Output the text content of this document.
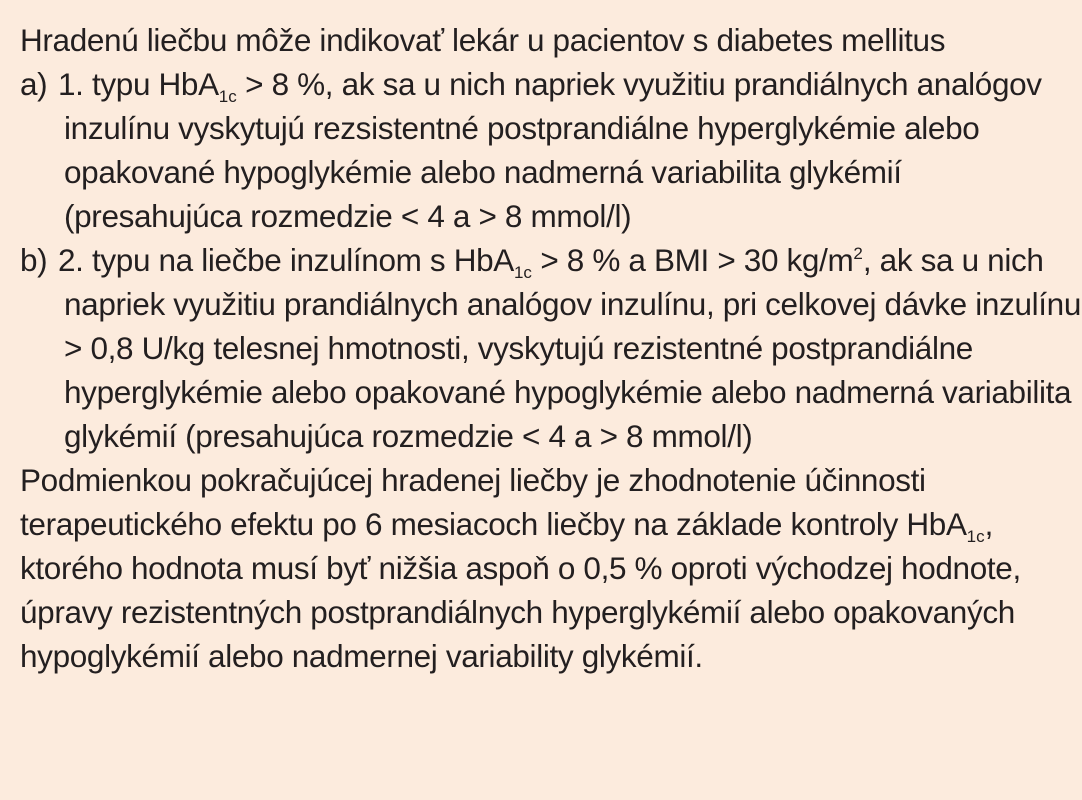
Hradenú liečbu môže indikovať lekár u pacientov s diabetes mellitus

a) 1. typu HbA$_{1c}$ > 8 %, ak sa u nich napriek využitiu prandiálnych analógov inzulínu vyskytujú rezsistentné postprandiálne hyperglykémie alebo opakované hypoglykémie alebo nadmerná variabilita glykémií (presahujúca rozmedzie < 4 a > 8 mmol/l)

b) 2. typu na liečbe inzulínom s HbA$_{1c}$ > 8 % a BMI > 30 $kg/m^2$, ak sa u nich napriek využitiu prandiálnych analógov inzulínu, pri celkovej dávke inzulínu > 0,8 U/kg telesnej hmotnosti, vyskytujú rezistentné postprandiálne hyperglykémie alebo opakované hypoglykémie alebo nadmerná variabilita glykémií (presahujúca rozmedzie < 4 a > 8 mmol/l)

Podmienkou pokračujúcej hradenej liečby je zhodnotenie účinnosti terapeutického efektu po 6 mesiacoch liečby na základe kontroly HbA$_{1c}$, ktorého hodnota musí byť nižšia aspoň o 0,5 % oproti východzej hodnote, úpravy rezistentných postprandiálnych hyperglykémií alebo opakovaných hypoglykémií alebo nadmernej variability glykémií.
